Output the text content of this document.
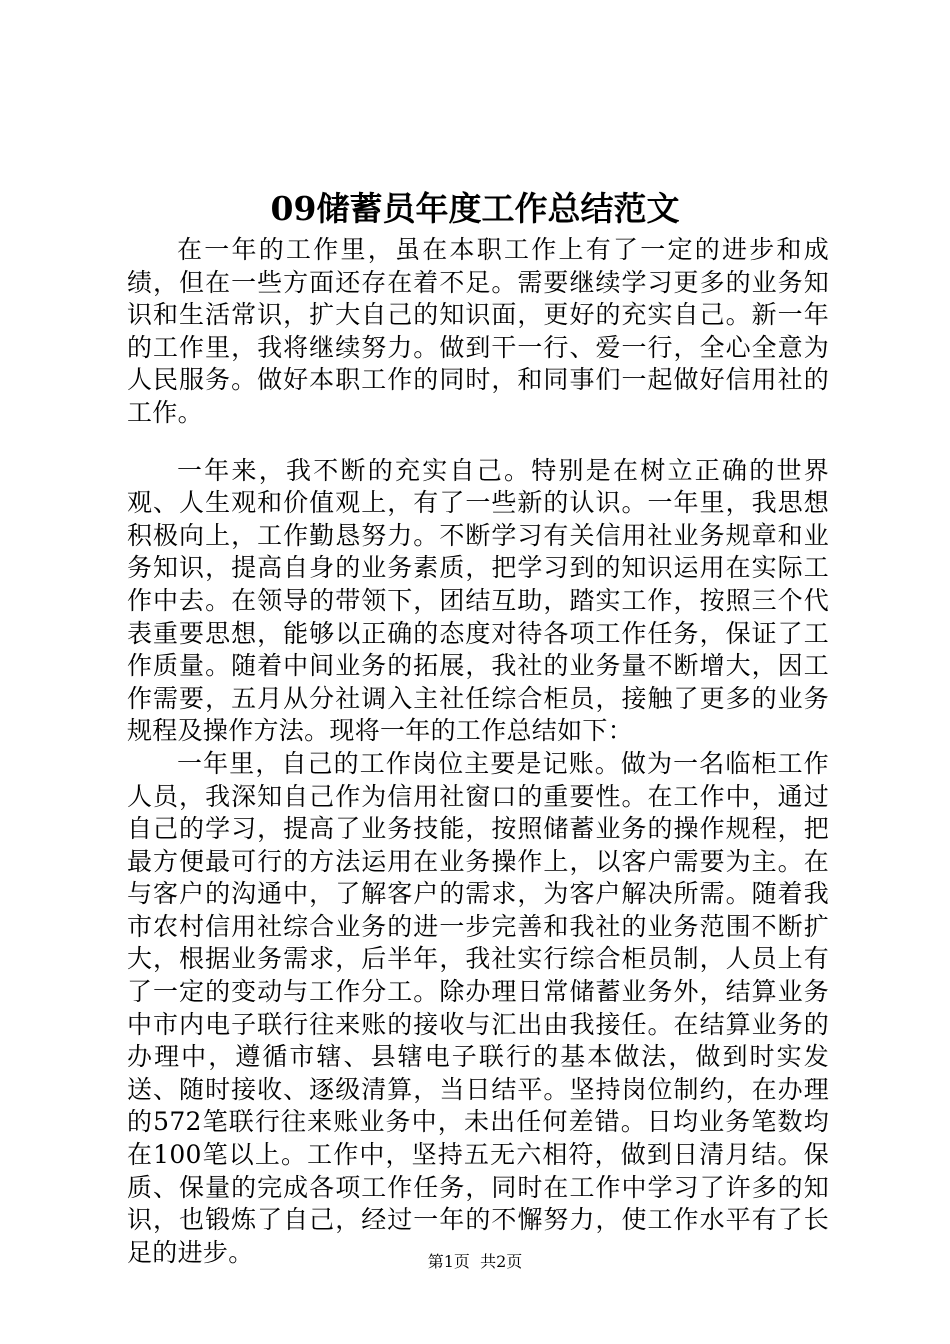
09储蓄员年度工作总结范文

在一年的工作里，虽在本职工作上有了一定的进步和成绩，但在一些方面还存在着不足。需要继续学习更多的业务知识和生活常识，扩大自己的知识面，更好的充实自己。新一年的工作里，我将继续努力。做到干一行、爱一行，全心全意为人民服务。做好本职工作的同时，和同事们一起做好信用社的工作。

一年来，我不断的充实自己。特别是在树立正确的世界观、人生观和价值观上，有了一些新的认识。一年里，我思想积极向上，工作勤恳努力。不断学习有关信用社业务规章和业务知识，提高自身的业务素质，把学习到的知识运用在实际工作中去。在领导的带领下，团结互助，踏实工作，按照三个代表重要思想，能够以正确的态度对待各项工作任务，保证了工作质量。随着中间业务的拓展，我社的业务量不断增大，因工作需要，五月从分社调入主社任综合柜员，接触了更多的业务规程及操作方法。现将一年的工作总结如下：

一年里，自己的工作岗位主要是记账。做为一名临柜工作人员，我深知自己作为信用社窗口的重要性。在工作中，通过自己的学习，提高了业务技能，按照储蓄业务的操作规程，把最方便最可行的方法运用在业务操作上，以客户需要为主。在与客户的沟通中，了解客户的需求，为客户解决所需。随着我市农村信用社综合业务的进一步完善和我社的业务范围不断扩大，根据业务需求，后半年，我社实行综合柜员制，人员上有了一定的变动与工作分工。除办理日常储蓄业务外，结算业务中市内电子联行往来账的接收与汇出由我接任。在结算业务的办理中，遵循市辖、县辖电子联行的基本做法，做到时实发送、随时接收、逐级清算，当日结平。坚持岗位制约，在办理的572笔联行往来账业务中，未出任何差错。日均业务笔数均在100笔以上。工作中，坚持五无六相符，做到日清月结。保质、保量的完成各项工作任务，同时在工作中学习了许多的知识，也锻炼了自己，经过一年的不懈努力，使工作水平有了长足的进步。	第1页 共2页
